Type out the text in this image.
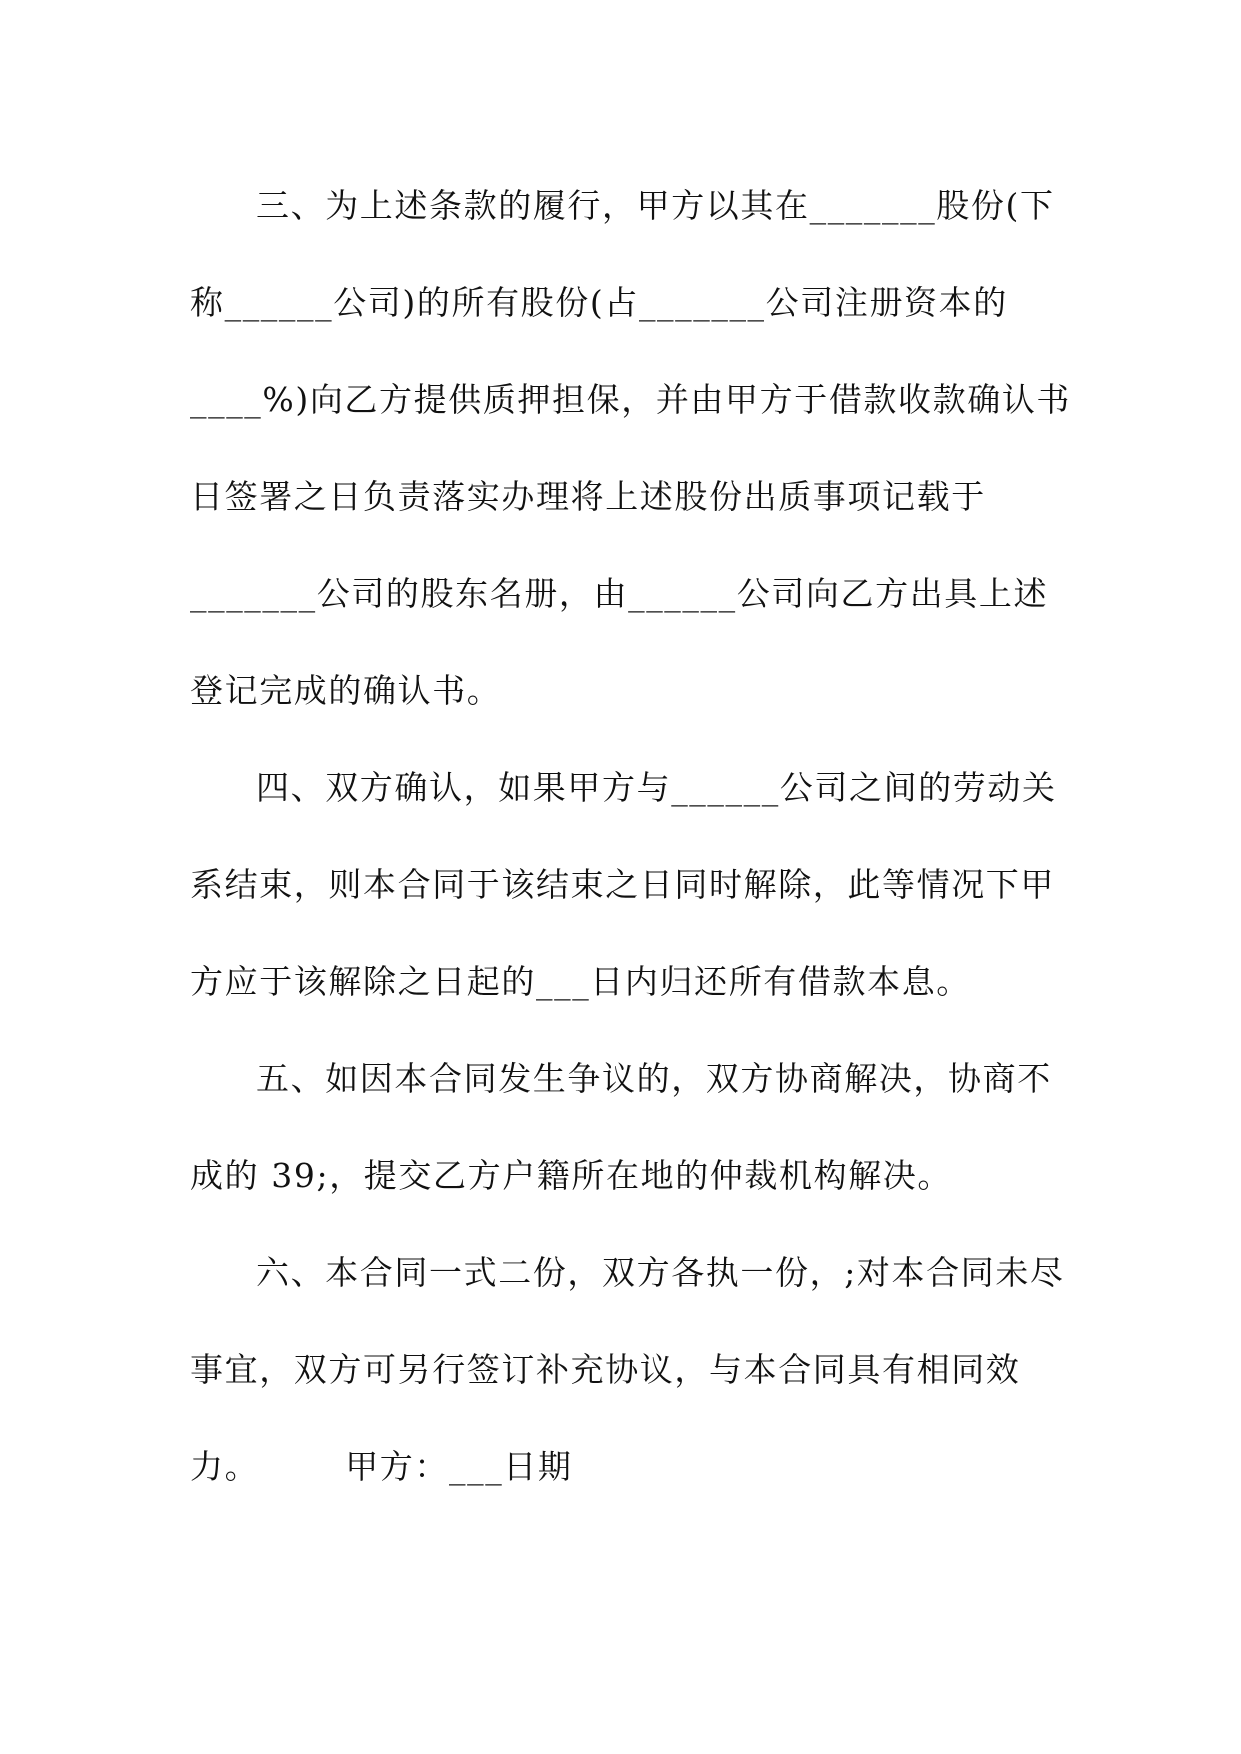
三、为上述条款的履行，甲方以其在_______股份(下
称______公司)的所有股份(占_______公司注册资本的
____%)向乙方提供质押担保，并由甲方于借款收款确认书
日签署之日负责落实办理将上述股份出质事项记载于
_______公司的股东名册，由______公司向乙方出具上述
登记完成的确认书。
四、双方确认，如果甲方与______公司之间的劳动关
系结束，则本合同于该结束之日同时解除，此等情况下甲
方应于该解除之日起的___日内归还所有借款本息。
五、如因本合同发生争议的，双方协商解决，协商不
成的 39;，提交乙方户籍所在地的仲裁机构解决。
六、本合同一式二份，双方各执一份，;对本合同未尽
事宜，双方可另行签订补充协议，与本合同具有相同效
力。	甲方：___日期
